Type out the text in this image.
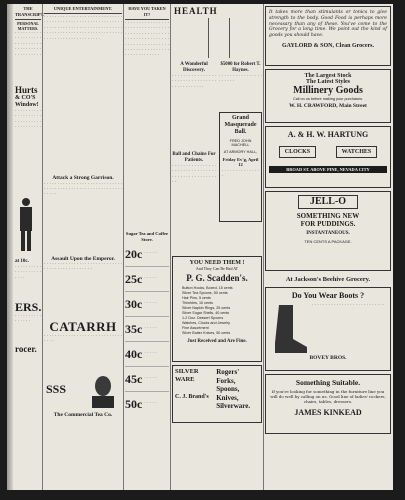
THE TRANSCRIPT.
PERSONAL MATTERS.

· · · · · · · · · · · · · · · · · · · · · · · · · · · · · · · · · · · · · · · · · · · · · · · · · ·

Hurts
& CO'S
Window!

· · · · · · · · · · · · · · · · · · · · · · · · · · · · · · · · · · · · · · · ·

at 10c.

· · · · · · · · · · · · · · · · · · · · · · · ·

ERS.

· · · · · · · · · · · · · · · ·

rocer.
UNIQUE ENTERTAINMENT.

· · · · · · · · · · · · · · · · · · · · · · · · · · · · · · · · · · · · · · · · · · · · · · · · · · · · · · · · · · · · · · · · · · · · · · · · · · · · · · · · · · · · · · · · · · · · · · · · · · · · · · · · · · · · · · · · · · · · · · · · · · · · · · · · · · · · · · · · ·

Attack a Strong Garrison.

· · · · · · · · · · · · · · · · · · · · · · · · · · · · · · · · · · · · · · · · · · · · · · · · · · · · · · · · · · · · · · ·

Assault Upon the Emperor.

· · · · · · · · · · · · · · · · · · · · · · · · · · · · · · · · · · · · · · · · · · · · · · ·

CATARRH

· · · · · · · · · · · · · · · · · · · · · · · · · · · · · · · · ·

SSS
The Commercial Tea Co.
HAVE YOU TAKEN IT?

· · · · · · · · · · · · · · · · · · · · · · · · · · · · · · · · · · · · · · · · · · · · · · · · · · · · · · · · · · · · · · · · · · · · · · · · · · · · · · · · · · · · · · · · · · · · · · · · · · · · · · · · · · · · ·

Sugar Tea and Coffee Store.
20c · · · · ·
25c · · · · ·
30c · · · · ·
35c · · · · ·
40c · · · · ·
45c · · · · ·
50c · · · · ·
HEALTH
A Wonderful Discovery.

· · · · · · · · · · · · · · · · · · · · · · · · · · · · · · · · · · · · · · · · · · · ·

Ball and Chains For Patients.

· · · · · · · · · · · · · · · · · · · · · · · · · · · · · · · · · · · · · · · · · · · · · · · · · ·

$5000 for Robert T. Haynes.

· · · · · · · · · · · · · · · · · · · · · ·

Grand Masquerade Ball.
FRED JOHN MACHELL
AT ARMORY HALL,
Friday Ev'g, April 12

· · · · · · · · · · · · · · ·

YOU NEED THEM !
And They Can Be Had AT
P. G. Scadden's.
Button Hooks, Boxed, 15 cents
Silver Tea Spoons, 50 cents
Hair Pins, 5 cents
Thimbles, 10 cents
Silver Napkin Rings, 25 cents
Silver Sugar Shells, 40 cents
1-2 Doz. Dessert Spoons
Watches, Clocks and Jewelry
Fine Assortment
Silver Butter Knives, 50 cents
Just Received and Are Fine.
SILVER WARE
C. J. Brand's
Rogers' Forks, Spoons, Knives, Silverware.
It takes more than stimulants or tonics to give strength to the body. Good Food is perhaps more necessary than any of these. You've come to the Grocery for a long time. We point out the kind of goods you should have.
GAYLORD & SON, Clean Grocers.
The Largest Stock
The Latest Styles
Millinery Goods
Call on us before making your purchases.
W. H. CRAWFORD, Main Street
A. & H. W. HARTUNG
CLOCKS	WATCHES
BROAD ST. ABOVE PINE, NEVADA CITY
JELL-O
SOMETHING NEW
FOR PUDDINGS.
INSTANTANEOUS.
TEN CENTS A PACKAGE.
At Jackson's Beehive Grocery.
Do You Wear Boots ?

· · · · · · · · · · · · · · · · · · · · · · · · · · ·

BOVEY BROS.
Something Suitable.
If you're looking for something in the furniture line you will do well by calling on us. Good line of ladies' rockers, chairs, tables, dressers.
JAMES KINKEAD
